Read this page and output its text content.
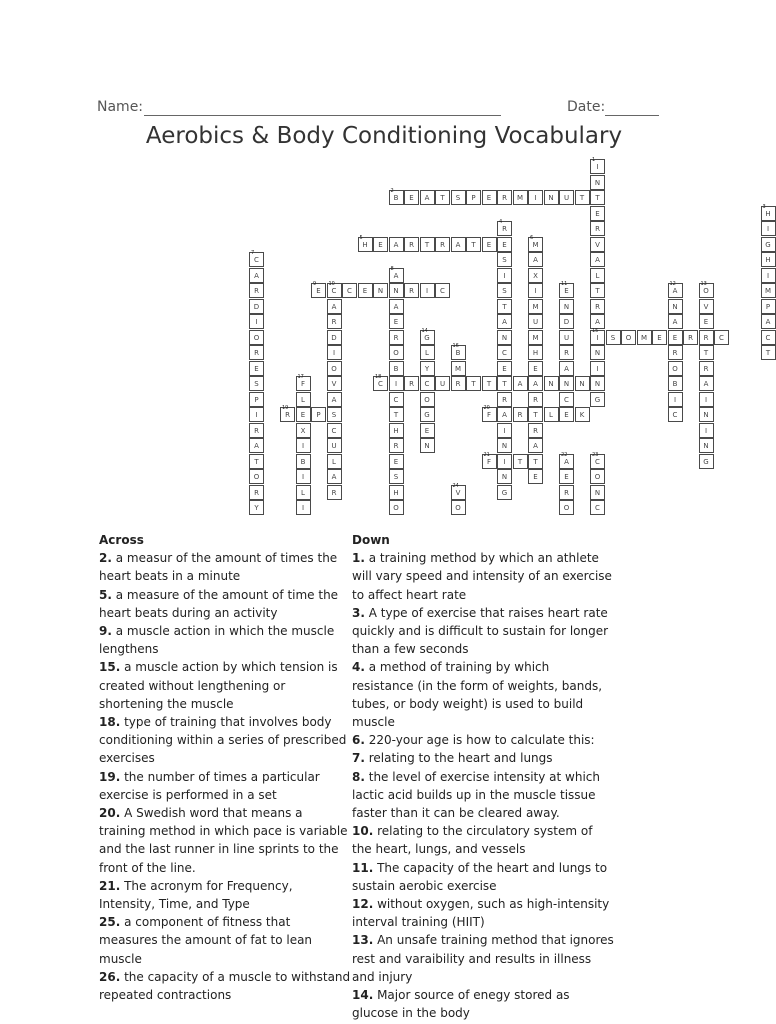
Name:	Date:
Aerobics & Body Conditioning Vocabulary
1
I
N
T
E
R
V
A
L
T
R
A
15
I
N
I
N
G
2
B	E	A	T	S	P	E	R	M	I	N	U	T
3
H
I
G
H
I
M
P
A
C
T
4
R
E
S
I
S
T
A
N
C
E
T
R
A
I
N
I
N
G
5
H	E	A	R	T	R	A	T	E
6
M
A
X
I
M
U
M
H
E
A
R
T
R
A
T
E
7
C
A
R
D
I
O
R
E
S
P
I
R
A
T
O
R
Y
8
A
N
A
E
R
O
B
I
C
T
H
R
E
S
H
O
9
E
10
C	C	E	N	R	I	C
A
R
D
I
O
V
A
S
C
U
L
A
R
11
E
N
D
U
R
A
N
C
E
12
A
N
A
E
R
O
B
I
C
13
O
V
E
R
T
R
A
I
N
I
N
G
14
G
L
Y
C
O
G
E
N
S	O	M	E	R	C
16
B
M
R
17
F
L
E
X
I
B
I
L
I
18
C	R	U	T	T	A	N	N
19
R	P
20
F	R	L	K
21
F	T
22
A
E
R
O
23
C
O
N
C
24
V
O
Across
2. a measur of the amount of times the heart beats in a minute
5. a measure of the amount of time the heart beats during an activity
9. a muscle action in which the muscle lengthens
15. a muscle action by which tension is created without lengthening or shortening the muscle
18. type of training that involves body conditioning within a series of prescribed exercises
19. the number of times a particular exercise is performed in a set
20. A Swedish word that means a training method in which pace is variable and the last runner in line sprints to the front of the line.
21. The acronym for Frequency, Intensity, Time, and Type
25. a component of fitness that measures the amount of fat to lean muscle
26. the capacity of a muscle to withstand repeated contractions
Down
1. a training method by which an athlete will vary speed and intensity of an exercise to affect heart rate
3. A type of exercise that raises heart rate quickly and is difficult to sustain for longer than a few seconds
4. a method of training by which resistance (in the form of weights, bands, tubes, or body weight) is used to build muscle
6. 220-your age is how to calculate this:
7. relating to the heart and lungs
8. the level of exercise intensity at which lactic acid builds up in the muscle tissue faster than it can be cleared away.
10. relating to the circulatory system of the heart, lungs, and vessels
11. The capacity of the heart and lungs to sustain aerobic exercise
12. without oxygen, such as high-intensity interval training (HIIT)
13. An unsafe training method that ignores rest and varaibility and results in illness and injury
14. Major source of enegy stored as glucose in the body
